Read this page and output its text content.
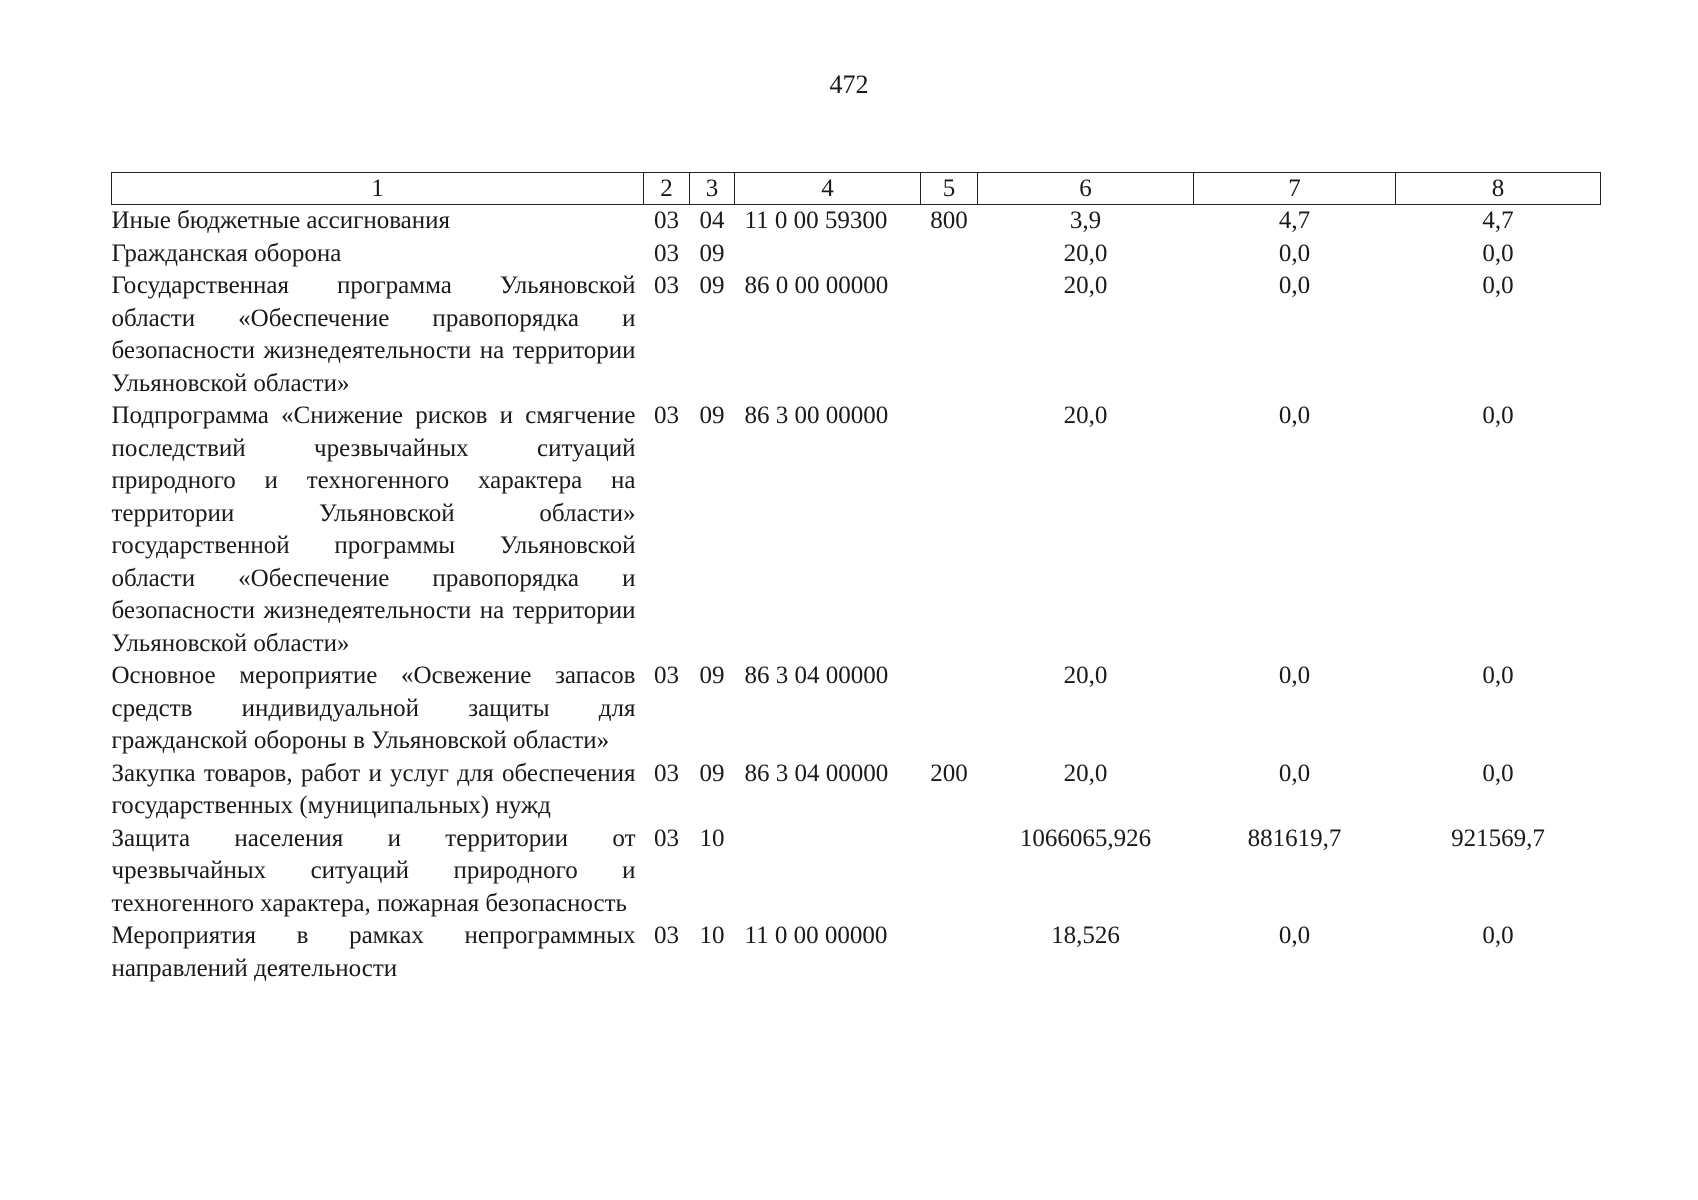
472
1	2	3	4	5	6	7	8
Иные бюджетные ассигнования	03	04	11 0 00 59300	800	3,9	4,7	4,7
Гражданская оборона	03	09			20,0	0,0	0,0
Государственная программа Ульяновской области «Обеспечение правопорядка и безопасности жизнедеятельности на территории Ульяновской области»	03	09	86 0 00 00000		20,0	0,0	0,0
Подпрограмма «Снижение рисков и смягчение последствий чрезвычайных ситуаций природного и техногенного характера на территории Ульяновской области» государственной программы Ульяновской области «Обеспечение правопорядка и безопасности жизнедеятельности на территории Ульяновской области»	03	09	86 3 00 00000		20,0	0,0	0,0
Основное мероприятие «Освежение запасов средств индивидуальной защиты для гражданской обороны в Ульяновской области»	03	09	86 3 04 00000		20,0	0,0	0,0
Закупка товаров, работ и услуг для обеспечения государственных (муниципальных) нужд	03	09	86 3 04 00000	200	20,0	0,0	0,0
Защита населения и территории от чрезвычайных ситуаций природного и техногенного характера, пожарная безопасность	03	10			1066065,926	881619,7	921569,7
Мероприятия в рамках непрограммных направлений деятельности	03	10	11 0 00 00000		18,526	0,0	0,0
